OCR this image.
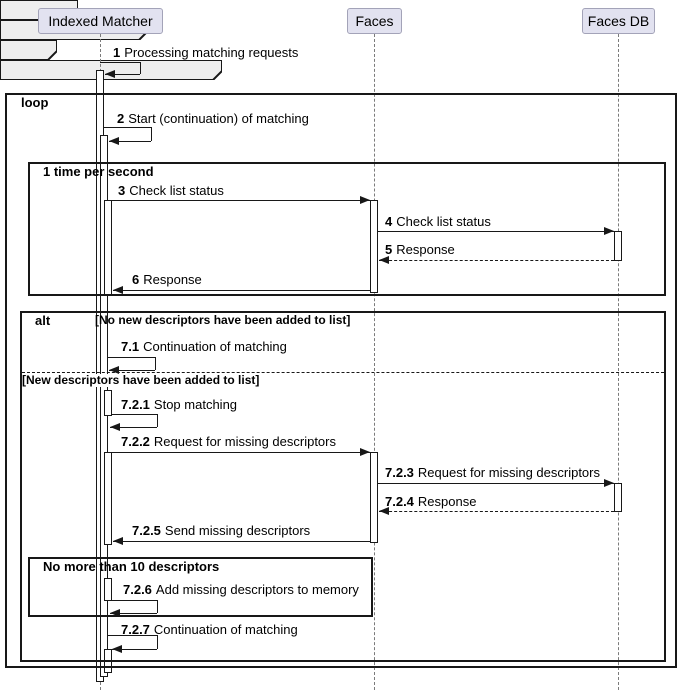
loop
1 time per second
alt	[No new descriptors have been added to list]
No more than 10 descriptors
[New descriptors have been added to list]
1 Processing matching requests
2 Start (continuation) of matching
3 Check list status
4 Check list status
5 Response
6 Response
7.1 Continuation of matching
7.2.1 Stop matching
7.2.2 Request for missing descriptors
7.2.3 Request for missing descriptors
7.2.4 Response
7.2.5 Send missing descriptors
7.2.6 Add missing descriptors to memory
7.2.7 Continuation of matching
Indexed Matcher	Faces	Faces DB
